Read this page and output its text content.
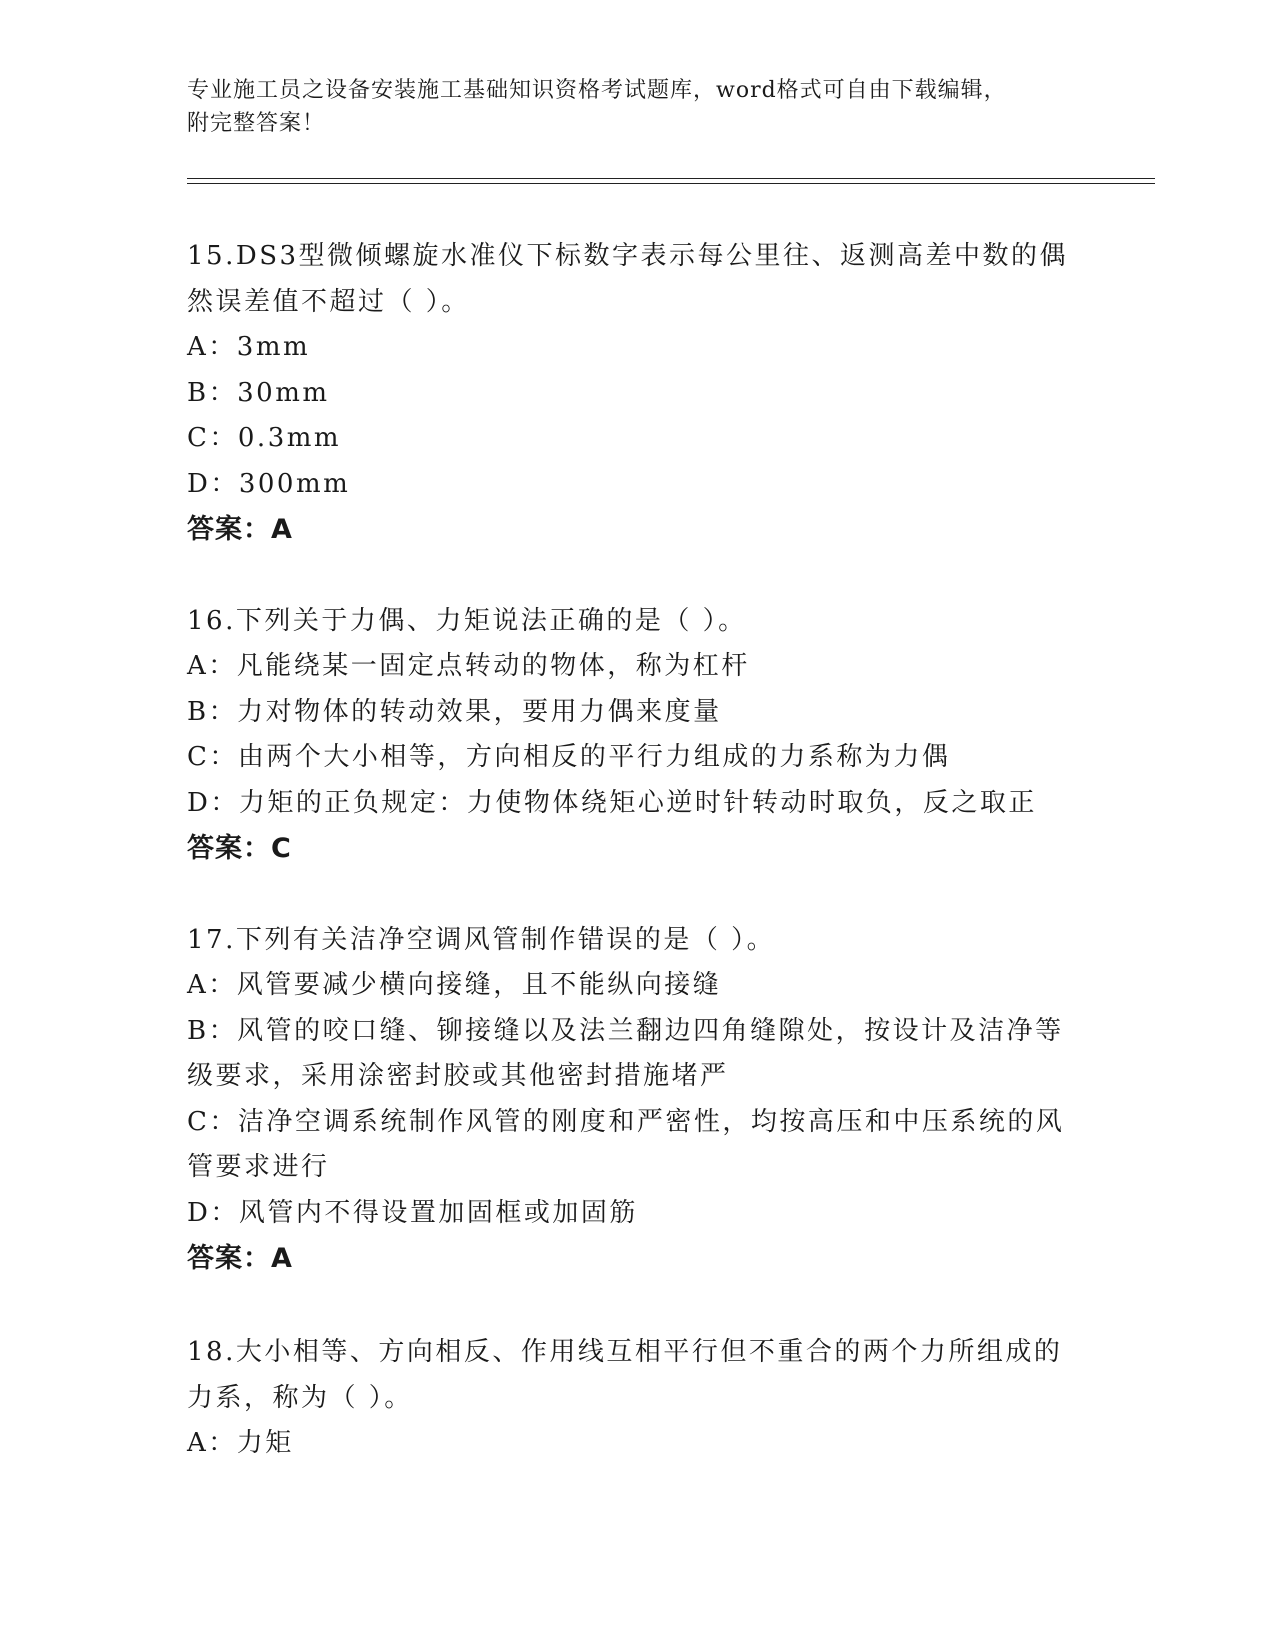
专业施工员之设备安装施工基础知识资格考试题库，word格式可自由下载编辑，
附完整答案！
15.DS3型微倾螺旋水准仪下标数字表示每公里往、返测高差中数的偶
然误差值不超过（ ）。
A：3mm
B：30mm
C：0.3mm
D：300mm
答案：A
16.下列关于力偶、力矩说法正确的是（ ）。
A：凡能绕某一固定点转动的物体，称为杠杆
B：力对物体的转动效果，要用力偶来度量
C：由两个大小相等，方向相反的平行力组成的力系称为力偶
D：力矩的正负规定：力使物体绕矩心逆时针转动时取负，反之取正
答案：C
17.下列有关洁净空调风管制作错误的是（ ）。
A：风管要减少横向接缝，且不能纵向接缝
B：风管的咬口缝、铆接缝以及法兰翻边四角缝隙处，按设计及洁净等
级要求，采用涂密封胶或其他密封措施堵严
C：洁净空调系统制作风管的刚度和严密性，均按高压和中压系统的风
管要求进行
D：风管内不得设置加固框或加固筋
答案：A
18.大小相等、方向相反、作用线互相平行但不重合的两个力所组成的
力系，称为（ ）。
A：力矩
